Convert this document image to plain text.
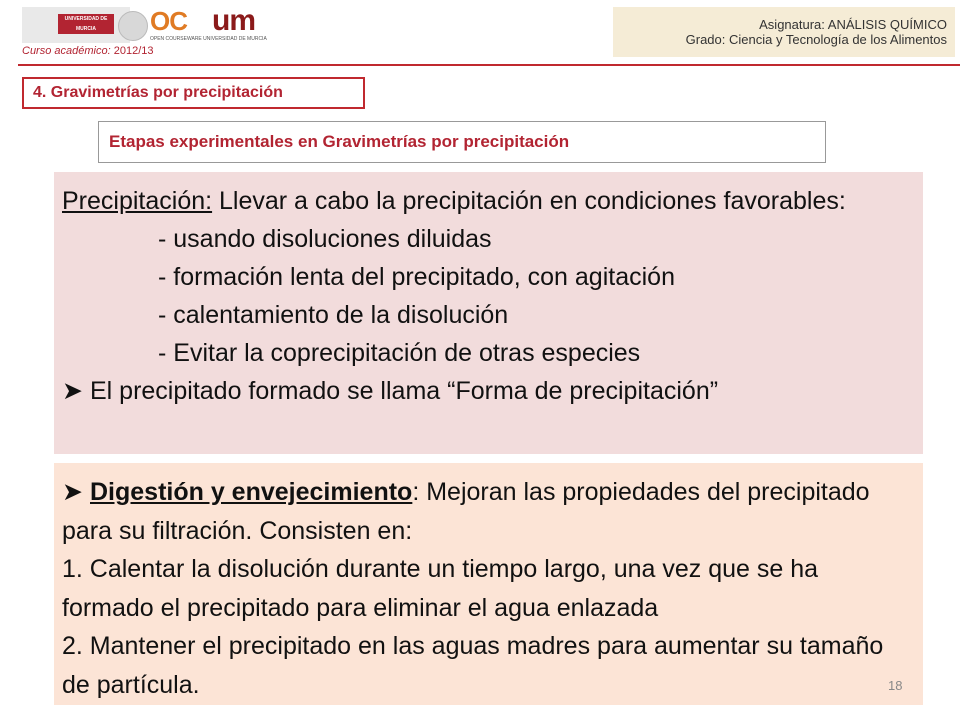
UNIVERSIDAD DE MURCIA	OC um
OPEN COURSEWARE UNIVERSIDAD DE MURCIA
Curso académico: 2012/13
Asignatura: ANÁLISIS QUÍMICO
Grado: Ciencia y Tecnología de los Alimentos
4. Gravimetrías por precipitación
Etapas experimentales en Gravimetrías por precipitación
Precipitación: Llevar a cabo la precipitación en condiciones favorables:
- usando disoluciones diluidas
- formación lenta del precipitado, con agitación
- calentamiento de la disolución
- Evitar la coprecipitación de otras especies
➤ El precipitado formado se llama “Forma de precipitación”
➤ Digestión y envejecimiento: Mejoran las propiedades del precipitado para su filtración. Consisten en:
1. Calentar la disolución durante un tiempo largo, una vez que se ha formado el precipitado para eliminar el agua enlazada
2. Mantener el precipitado en las aguas madres para aumentar su tamaño de partícula.	18
